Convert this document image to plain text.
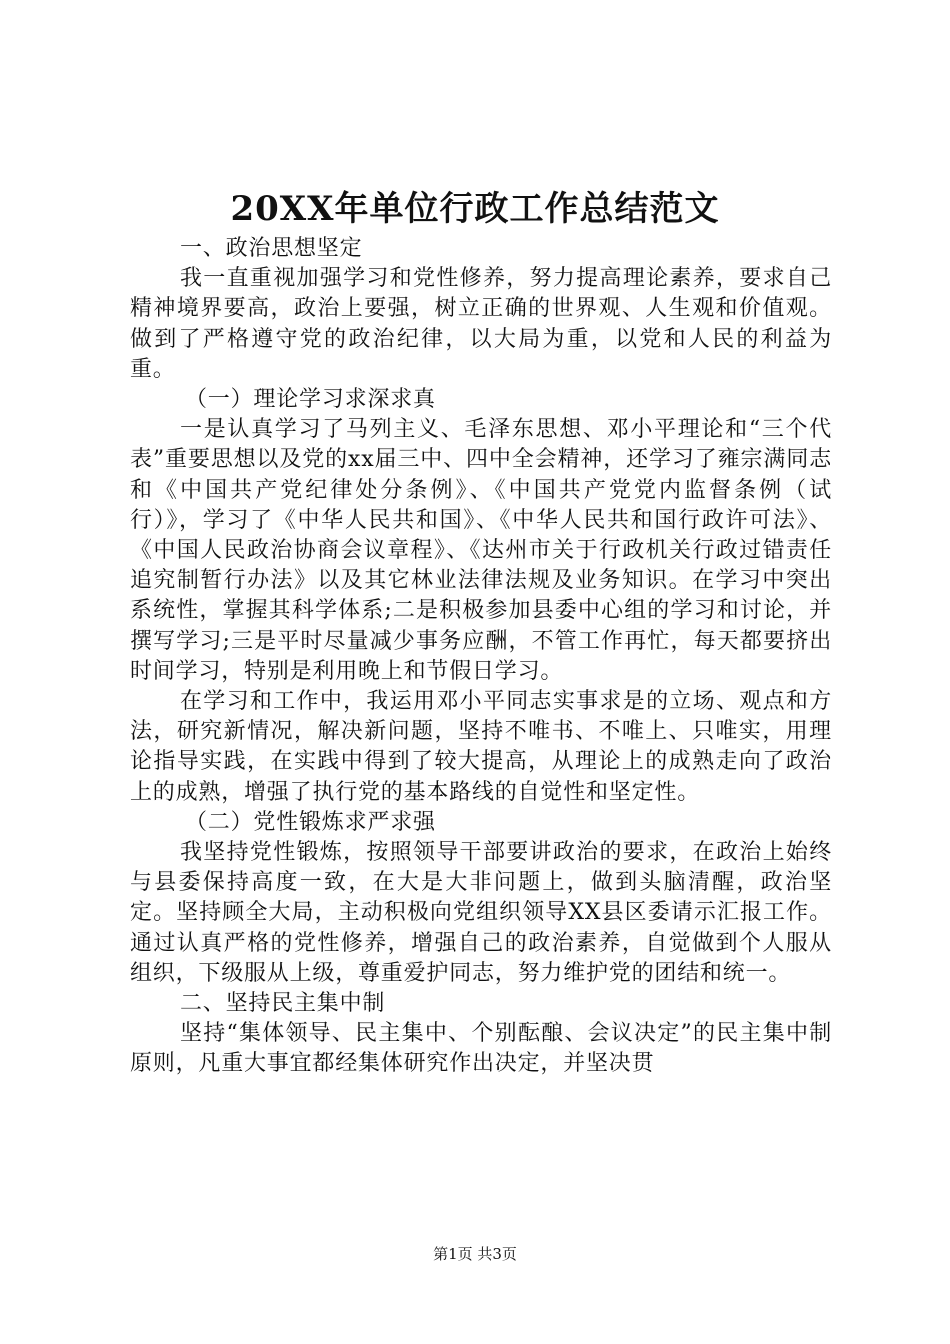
20XX年单位行政工作总结范文

一、政治思想坚定

我一直重视加强学习和党性修养，努力提高理论素养，要求自己精神境界要高，政治上要强，树立正确的世界观、人生观和价值观。做到了严格遵守党的政治纪律，以大局为重，以党和人民的利益为重。

（一）理论学习求深求真

一是认真学习了马列主义、毛泽东思想、邓小平理论和“三个代表”重要思想以及党的xx届三中、四中全会精神，还学习了雍宗满同志和《中国共产党纪律处分条例》、《中国共产党党内监督条例（试行）》，学习了《中华人民共和国》、《中华人民共和国行政许可法》、《中国人民政治协商会议章程》、《达州市关于行政机关行政过错责任追究制暂行办法》以及其它林业法律法规及业务知识。在学习中突出系统性，掌握其科学体系;二是积极参加县委中心组的学习和讨论，并撰写学习;三是平时尽量减少事务应酬，不管工作再忙，每天都要挤出时间学习，特别是利用晚上和节假日学习。

在学习和工作中，我运用邓小平同志实事求是的立场、观点和方法，研究新情况，解决新问题，坚持不唯书、不唯上、只唯实，用理论指导实践，在实践中得到了较大提高，从理论上的成熟走向了政治上的成熟，增强了执行党的基本路线的自觉性和坚定性。

（二）党性锻炼求严求强

我坚持党性锻炼，按照领导干部要讲政治的要求，在政治上始终与县委保持高度一致，在大是大非问题上，做到头脑清醒，政治坚定。坚持顾全大局，主动积极向党组织领导XX县区委请示汇报工作。通过认真严格的党性修养，增强自己的政治素养，自觉做到个人服从组织，下级服从上级，尊重爱护同志，努力维护党的团结和统一。

二、坚持民主集中制

坚持“集体领导、民主集中、个别酝酿、会议决定”的民主集中制原则，凡重大事宜都经集体研究作出决定，并坚决贯

第1页 共3页
